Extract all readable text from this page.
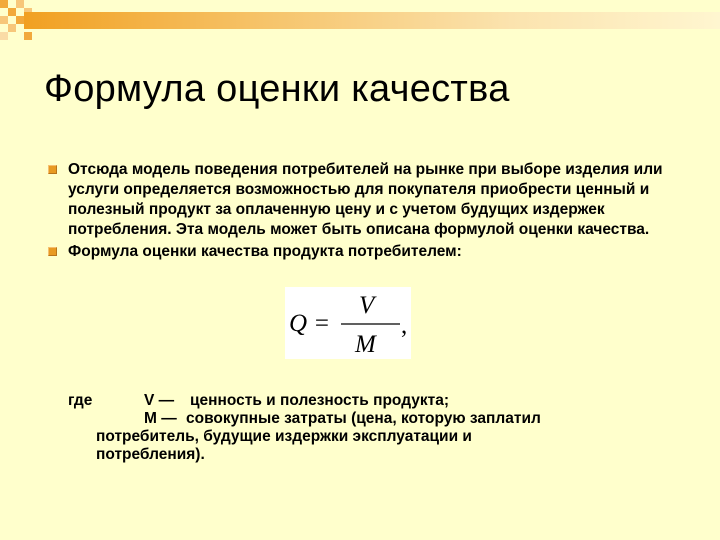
Формула оценки качества
Отсюда модель поведения потребителей на рынке при выборе изделия или услуги определяется возможностью для покупателя приобрести ценный и полезный продукт за оплаченную цену и с учетом будущих издержек потребления. Эта модель может быть описана формулой оценки качества.
Формула оценки качества продукта потребителем:
Q =
V
M
,
где	V — ценность и полезность продукта;
М — совокупные затраты (цена, которую заплатил
потребитель, будущие издержки эксплуатации и
потребления).
